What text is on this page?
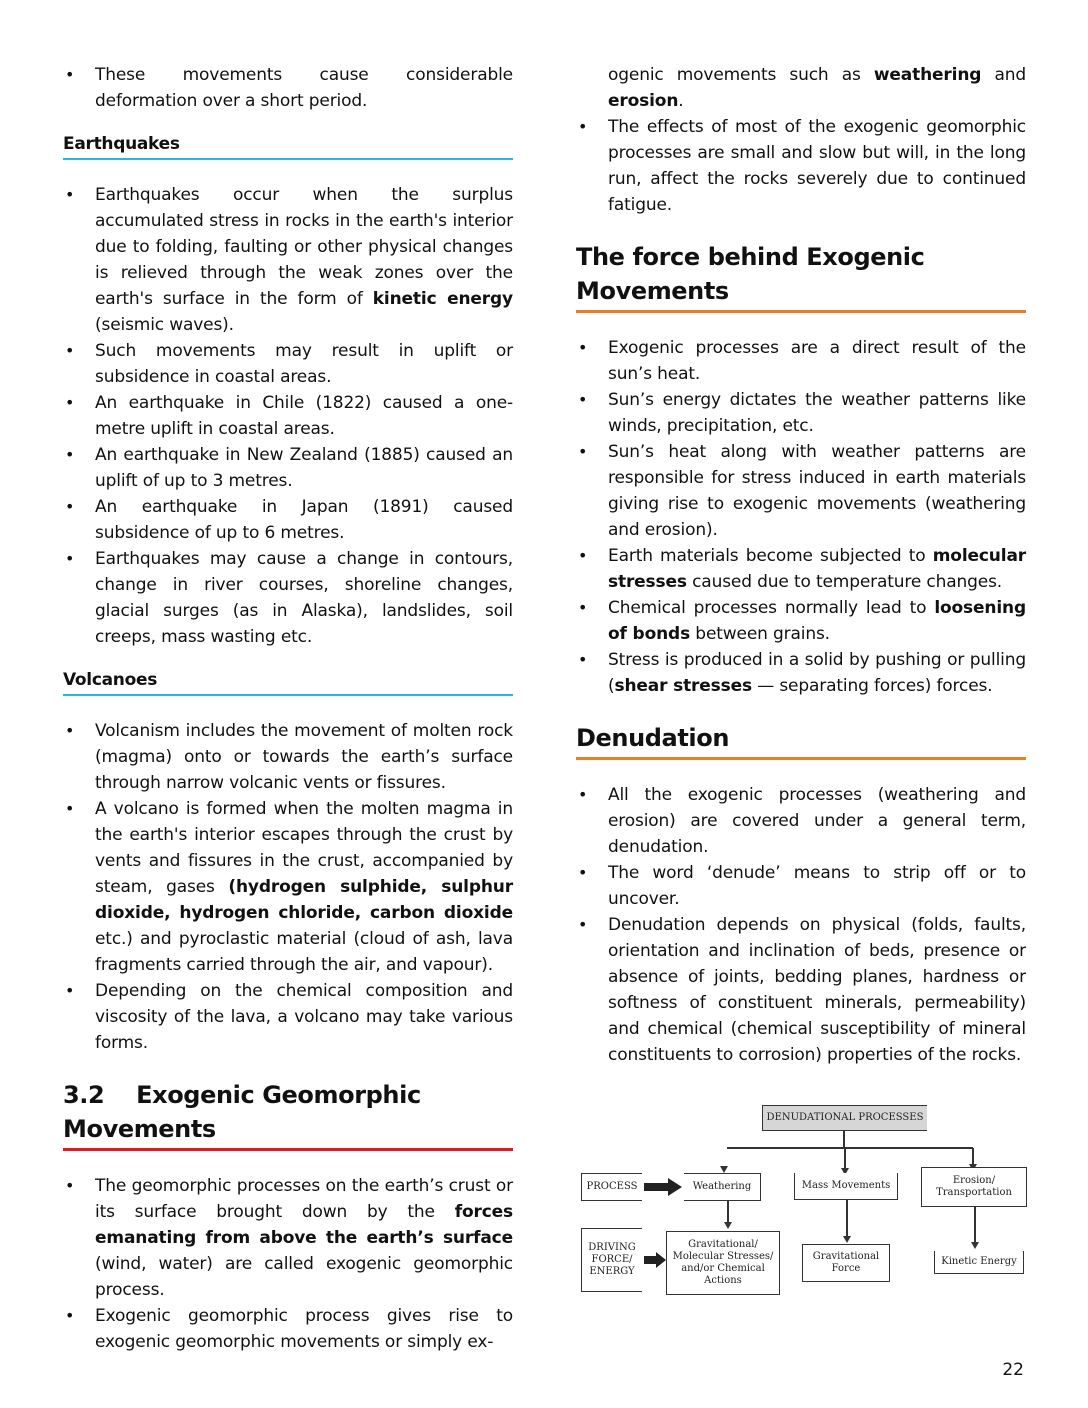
• These movements cause considerable deformation over a short period.
Earthquakes
• Earthquakes occur when the surplus accumulated stress in rocks in the earth's interior due to folding, faulting or other physical changes is relieved through the weak zones over the earth's surface in the form of kinetic energy (seismic waves).
• Such movements may result in uplift or subsidence in coastal areas.
• An earthquake in Chile (1822) caused a one-metre uplift in coastal areas.
• An earthquake in New Zealand (1885) caused an uplift of up to 3 metres.
• An earthquake in Japan (1891) caused subsidence of up to 6 metres.
• Earthquakes may cause a change in contours, change in river courses, shoreline changes, glacial surges (as in Alaska), landslides, soil creeps, mass wasting etc.
Volcanoes
• Volcanism includes the movement of molten rock (magma) onto or towards the earth’s surface through narrow volcanic vents or fissures.
• A volcano is formed when the molten magma in the earth's interior escapes through the crust by vents and fissures in the crust, accompanied by steam, gases (hydrogen sulphide, sulphur dioxide, hydrogen chloride, carbon dioxide etc.) and pyroclastic material (cloud of ash, lava fragments carried through the air, and vapour).
• Depending on the chemical composition and viscosity of the lava, a volcano may take various forms.
3.2    Exogenic Geomorphic Movements
• The geomorphic processes on the earth’s crust or its surface brought down by the forces emanating from above the earth’s surface (wind, water) are called exogenic geomorphic process.
• Exogenic geomorphic process gives rise to exogenic geomorphic movements or simply ex-
ogenic movements such as weathering and erosion.
• The effects of most of the exogenic geomorphic processes are small and slow but will, in the long run, affect the rocks severely due to continued fatigue.
The force behind Exogenic Movements
• Exogenic processes are a direct result of the sun’s heat.
• Sun’s energy dictates the weather patterns like winds, precipitation, etc.
• Sun’s heat along with weather patterns are responsible for stress induced in earth materials giving rise to exogenic movements (weathering and erosion).
• Earth materials become subjected to molecular stresses caused due to temperature changes.
• Chemical processes normally lead to loosening of bonds between grains.
• Stress is produced in a solid by pushing or pulling (shear stresses — separating forces) forces.
Denudation
• All the exogenic processes (weathering and erosion) are covered under a general term, denudation.
• The word ‘denude’ means to strip off or to uncover.
• Denudation depends on physical (folds, faults, orientation and inclination of beds, presence or absence of joints, bedding planes, hardness or softness of constituent minerals, permeability) and chemical (chemical susceptibility of mineral constituents to corrosion) properties of the rocks.
DENUDATIONAL PROCESSES
PROCESS	Weathering	Mass Movements	Erosion/ Transportation
DRIVING FORCE/ ENERGY
Gravitational/ Molecular Stresses/ and/or Chemical Actions
Gravitational Force
Kinetic Energy
22
